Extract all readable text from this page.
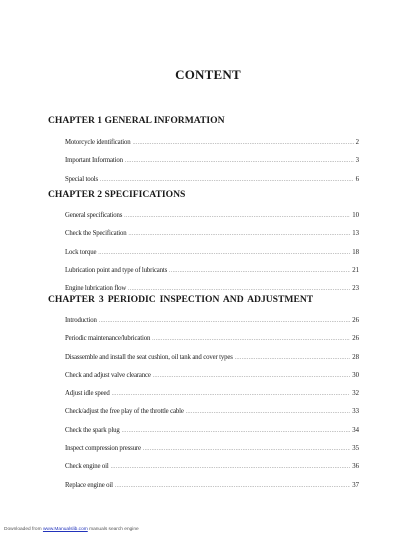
CONTENT
CHAPTER 1 GENERAL INFORMATION
Motorcycle identification .....	2
Important Information .....	3
Special tools .....	6
CHAPTER 2 SPECIFICATIONS
General specifications .....	10
Check the Specification .....	13
Lock torque .....	18
Lubrication point and type of lubricants .....	21
Engine lubrication flow .....	23
CHAPTER 3 PERIODIC INSPECTION AND ADJUSTMENT
Introduction .....	26
Periodic maintenance/lubrication .....	26
Disassemble and install the seat cushion, oil tank and cover types .....	28
Check and adjust valve clearance .....	30
Adjust idle speed .....	32
Check/adjust the free play of the throttle cable .....	33
Check the spark plug .....	34
Inspect compression pressure .....	35
Check engine oil .....	36
Replace engine oil .....	37
Downloaded from www.Manualslib.com manuals search engine
